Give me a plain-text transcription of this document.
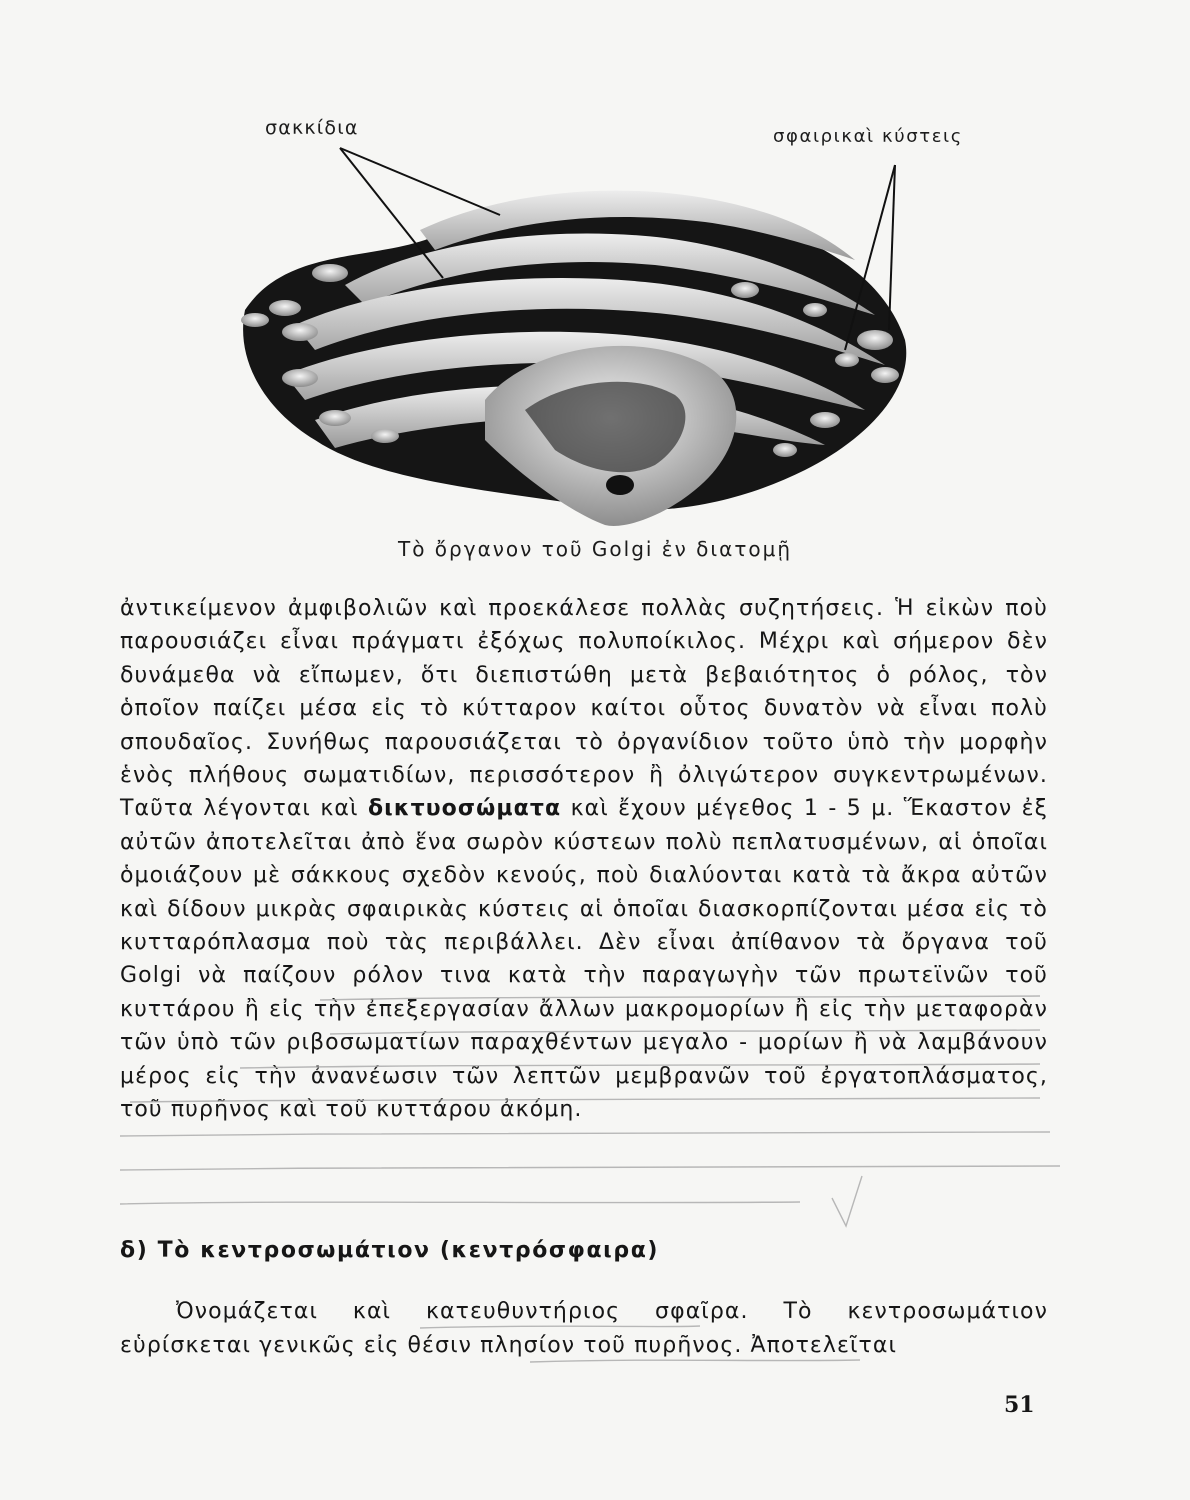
σακκίδια	σφαιρικαὶ κύστεις
Τὸ ὄργανον τοῦ Golgi ἐν διατομῇ

ἀντικείμενον ἀμφιβολιῶν καὶ προεκάλεσε πολλὰς συζητήσεις. Ἡ εἰκὼν ποὺ παρουσιάζει εἶναι πράγματι ἐξόχως πολυποίκιλος. Μέχρι καὶ σήμερον δὲν δυνάμεθα νὰ εἴπωμεν, ὅτι διεπιστώθη μετὰ βεβαιότητος ὁ ρόλος, τὸν ὁποῖον παίζει μέσα εἰς τὸ κύτταρον καίτοι οὗτος δυνατὸν νὰ εἶναι πολὺ σπουδαῖος. Συνήθως παρουσιάζεται τὸ ὀργανίδιον τοῦτο ὑπὸ τὴν μορφὴν ἑνὸς πλήθους σωματιδίων, περισσότερον ἢ ὀλιγώτερον συγκεντρωμένων. Ταῦτα λέγονται καὶ δικτυοσώματα καὶ ἔχουν μέγεθος 1 - 5 μ. Ἕκαστον ἐξ αὐτῶν ἀποτελεῖται ἀπὸ ἕνα σωρὸν κύστεων πολὺ πεπλατυσμένων, αἱ ὁποῖαι ὁμοιάζουν μὲ σάκκους σχεδὸν κενούς, ποὺ διαλύονται κατὰ τὰ ἄκρα αὐτῶν καὶ δίδουν μικρὰς σφαιρικὰς κύστεις αἱ ὁποῖαι διασκορπίζονται μέσα εἰς τὸ κυτταρόπλασμα ποὺ τὰς περιβάλλει. Δὲν εἶναι ἀπίθανον τὰ ὄργανα τοῦ Golgi νὰ παίζουν ρόλον τινα κατὰ τὴν παραγωγὴν τῶν πρωτεϊνῶν τοῦ κυττάρου ἢ εἰς τὴν ἐπεξεργασίαν ἄλλων μακρομορίων ἢ εἰς τὴν μεταφορὰν τῶν ὑπὸ τῶν ριβοσωματίων παραχθέντων μεγαλο - μορίων ἢ νὰ λαμβάνουν μέρος εἰς τὴν ἀνανέωσιν τῶν λεπτῶν μεμβρανῶν τοῦ ἐργατοπλάσματος, τοῦ πυρῆνος καὶ τοῦ κυττάρου ἀκόμη.

δ) Τὸ κεντροσωμάτιον (κεντρόσφαιρα)

Ὀνομάζεται καὶ κατευθυντήριος σφαῖρα. Τὸ κεντροσωμάτιον εὑρίσκεται γενικῶς εἰς θέσιν πλησίον τοῦ πυρῆνος. Ἀποτελεῖται

51
